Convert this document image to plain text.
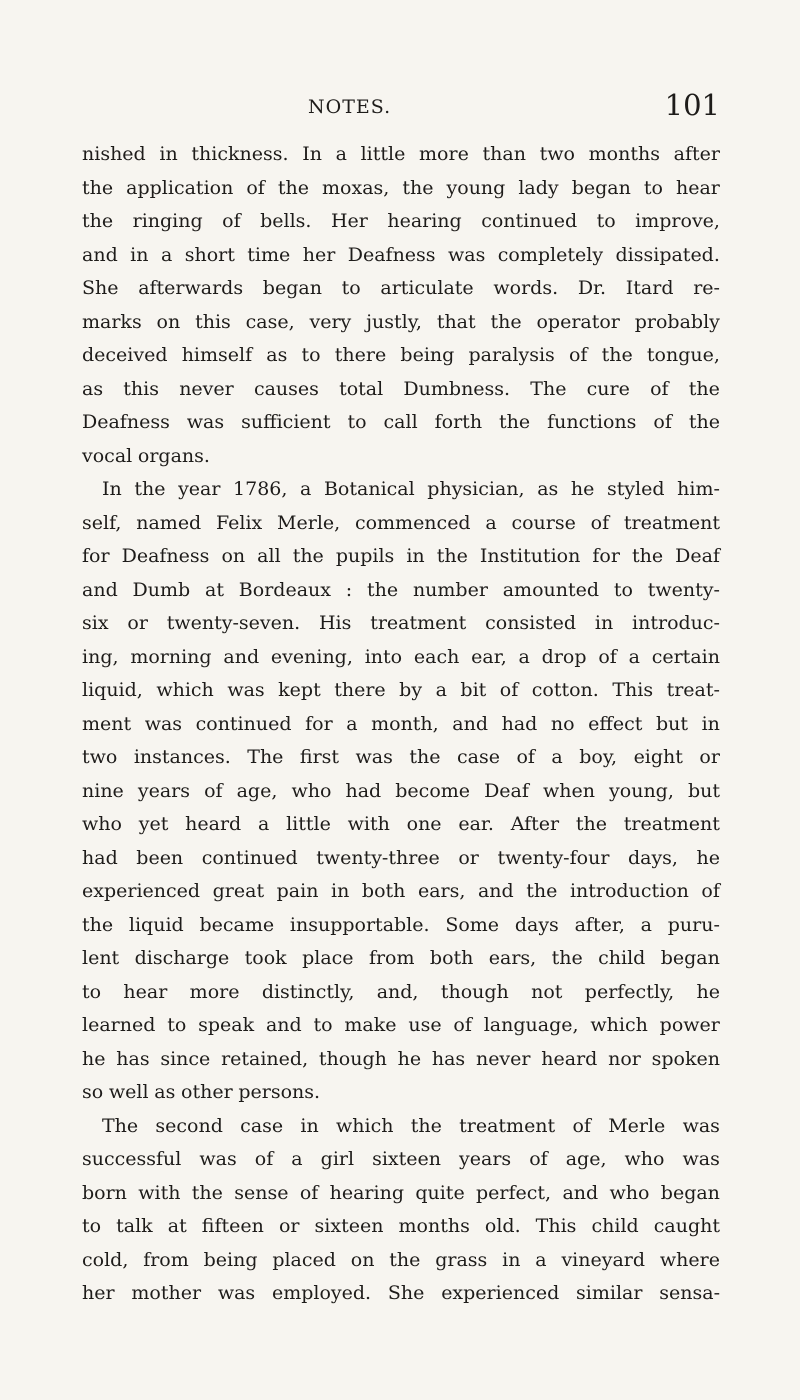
NOTES.	101
nished in thickness. In a little more than two months after
the application of the moxas, the young lady began to hear
the ringing of bells. Her hearing continued to improve,
and in a short time her Deafness was completely dissipated.
She afterwards began to articulate words. Dr. Itard re-
marks on this case, very justly, that the operator probably
deceived himself as to there being paralysis of the tongue,
as this never causes total Dumbness. The cure of the
Deafness was sufficient to call forth the functions of the
vocal organs.
In the year 1786, a Botanical physician, as he styled him-
self, named Felix Merle, commenced a course of treatment
for Deafness on all the pupils in the Institution for the Deaf
and Dumb at Bordeaux : the number amounted to twenty-
six or twenty-seven. His treatment consisted in introduc-
ing, morning and evening, into each ear, a drop of a certain
liquid, which was kept there by a bit of cotton. This treat-
ment was continued for a month, and had no effect but in
two instances. The first was the case of a boy, eight or
nine years of age, who had become Deaf when young, but
who yet heard a little with one ear. After the treatment
had been continued twenty-three or twenty-four days, he
experienced great pain in both ears, and the introduction of
the liquid became insupportable. Some days after, a puru-
lent discharge took place from both ears, the child began
to hear more distinctly, and, though not perfectly, he
learned to speak and to make use of language, which power
he has since retained, though he has never heard nor spoken
so well as other persons.
The second case in which the treatment of Merle was
successful was of a girl sixteen years of age, who was
born with the sense of hearing quite perfect, and who began
to talk at fifteen or sixteen months old. This child caught
cold, from being placed on the grass in a vineyard where
her mother was employed. She experienced similar sensa-
